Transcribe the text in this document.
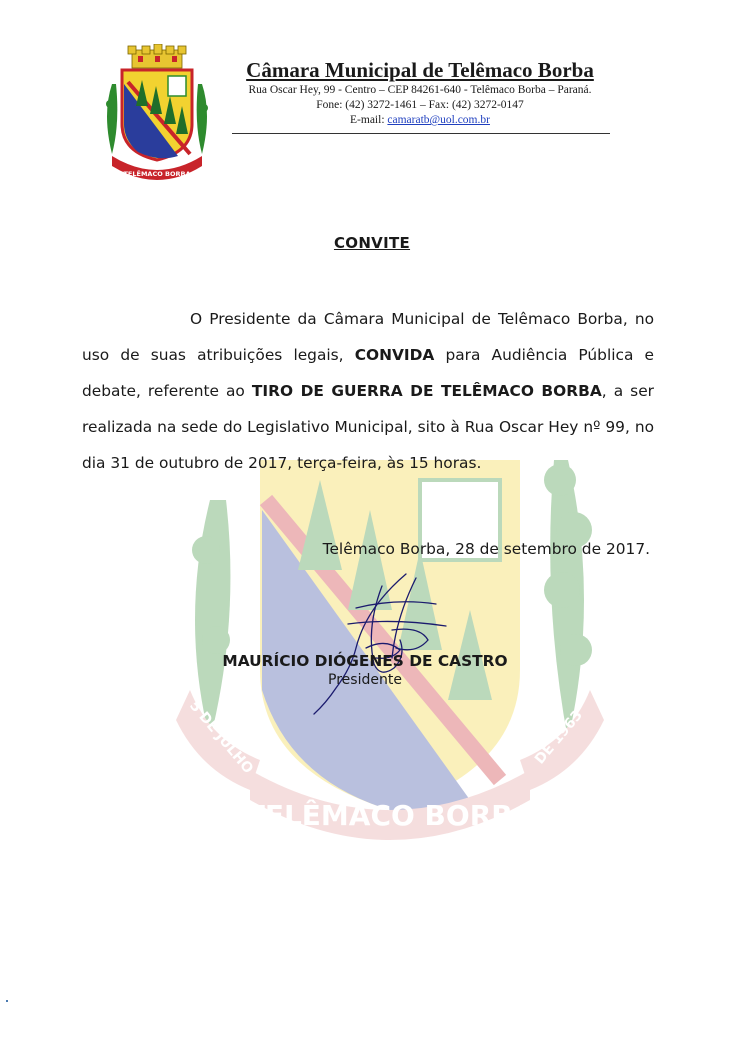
TELÊMACO BORBA
Câmara Municipal de Telêmaco Borba
Rua Oscar Hey, 99 - Centro – CEP 84261-640 - Telêmaco Borba – Paraná.
Fone: (42) 3272-1461 – Fax: (42) 3272-0147
E-mail: camaratb@uol.com.br
TELÊMACO BORBA
5 DE JULHO	DE 1963
CONVITE
O Presidente da Câmara Municipal de Telêmaco Borba, no
uso de suas atribuições legais, CONVIDA para Audiência Pública e
debate, referente ao TIRO DE GUERRA DE TELÊMACO BORBA, a ser
realizada na sede do Legislativo Municipal, sito à Rua Oscar Hey nº 99, no
dia 31 de outubro de 2017, terça-feira, às 15 horas.
Telêmaco Borba, 28 de setembro de 2017.
MAURÍCIO DIÓGENES DE CASTRO
Presidente
